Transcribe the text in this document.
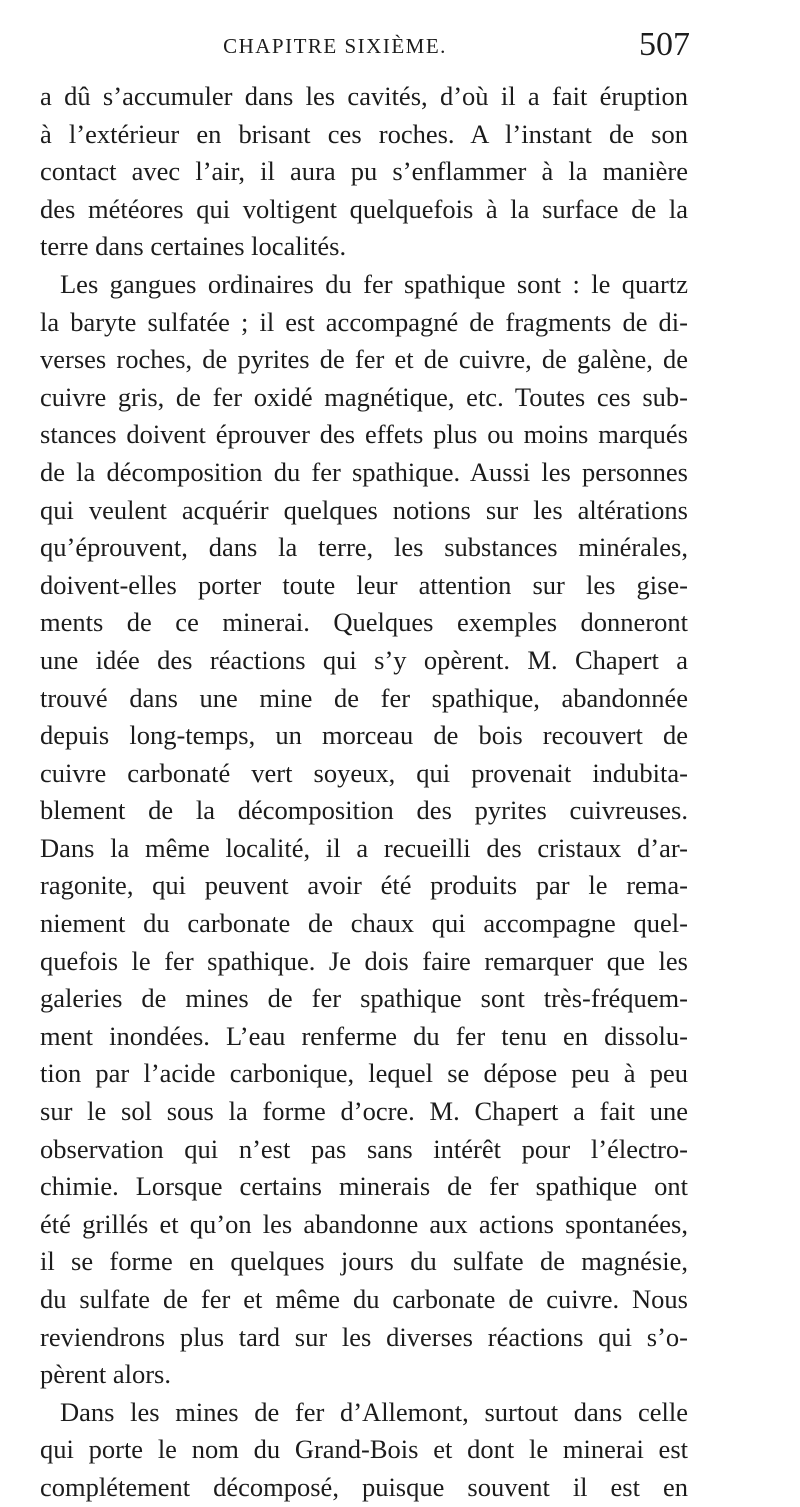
CHAPITRE SIXIÈME.	507
a dû s’accumuler dans les cavités, d’où il a fait éruption
à l’extérieur en brisant ces roches. A l’instant de son
contact avec l’air, il aura pu s’enflammer à la manière
des météores qui voltigent quelquefois à la surface de la
terre dans certaines localités.
Les gangues ordinaires du fer spathique sont : le quartz
la baryte sulfatée ; il est accompagné de fragments de di-
verses roches, de pyrites de fer et de cuivre, de galène, de
cuivre gris, de fer oxidé magnétique, etc. Toutes ces sub-
stances doivent éprouver des effets plus ou moins marqués
de la décomposition du fer spathique. Aussi les personnes
qui veulent acquérir quelques notions sur les altérations
qu’éprouvent, dans la terre, les substances minérales,
doivent-elles porter toute leur attention sur les gise-
ments de ce minerai. Quelques exemples donneront
une idée des réactions qui s’y opèrent. M. Chapert a
trouvé dans une mine de fer spathique, abandonnée
depuis long-temps, un morceau de bois recouvert de
cuivre carbonaté vert soyeux, qui provenait indubita-
blement de la décomposition des pyrites cuivreuses.
Dans la même localité, il a recueilli des cristaux d’ar-
ragonite, qui peuvent avoir été produits par le rema-
niement du carbonate de chaux qui accompagne quel-
quefois le fer spathique. Je dois faire remarquer que les
galeries de mines de fer spathique sont très-fréquem-
ment inondées. L’eau renferme du fer tenu en dissolu-
tion par l’acide carbonique, lequel se dépose peu à peu
sur le sol sous la forme d’ocre. M. Chapert a fait une
observation qui n’est pas sans intérêt pour l’électro-
chimie. Lorsque certains minerais de fer spathique ont
été grillés et qu’on les abandonne aux actions spontanées,
il se forme en quelques jours du sulfate de magnésie,
du sulfate de fer et même du carbonate de cuivre. Nous
reviendrons plus tard sur les diverses réactions qui s’o-
pèrent alors.
Dans les mines de fer d’Allemont, surtout dans celle
qui porte le nom du Grand-Bois et dont le minerai est
complétement décomposé, puisque souvent il est en
